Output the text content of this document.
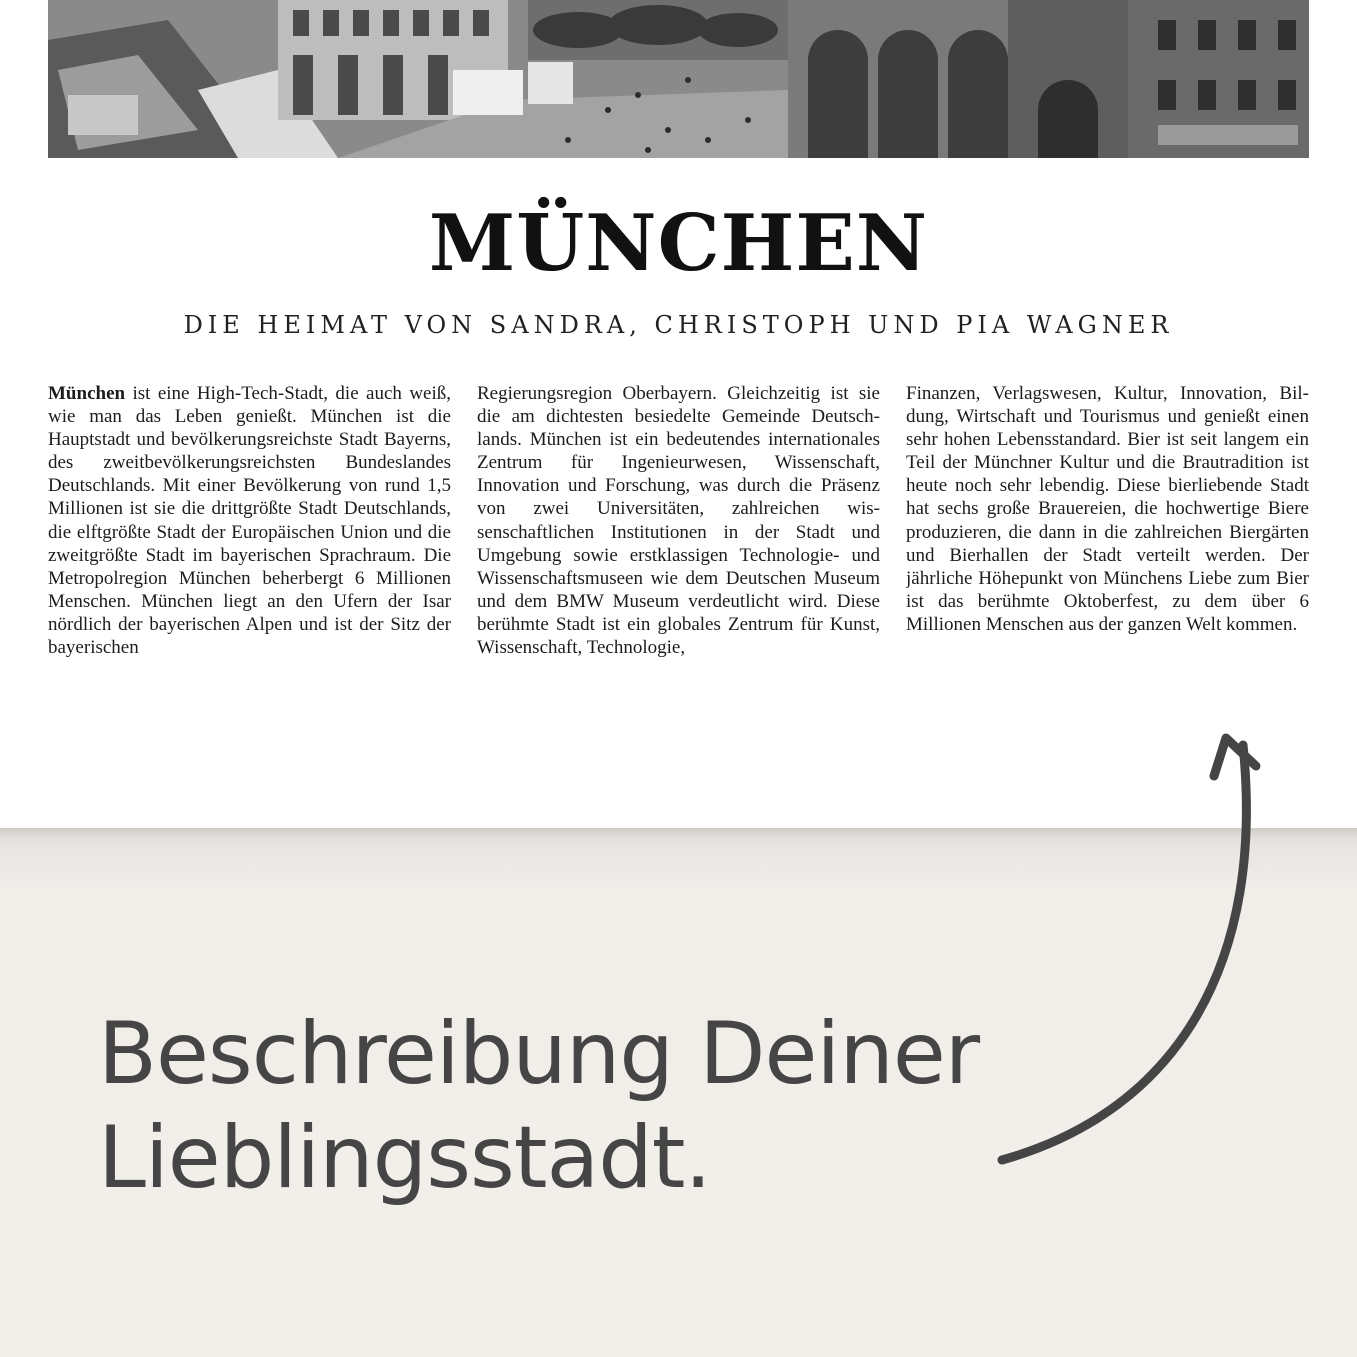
MÜNCHEN
DIE HEIMAT VON SANDRA, CHRISTOPH UND PIA WAGNER
München ist eine High-Tech-Stadt, die auch weiß, wie man das Leben genießt. München ist die Hauptstadt und bevölkerungsreichste Stadt Bayerns, des zweitbevölkerungsreichsten Bundeslandes Deutschlands. Mit einer Bevölkerung von rund 1,5 Millionen ist sie die drittgrößte Stadt Deutschlands, die elftgrößte Stadt der Europäischen Union und die zweitgrößte Stadt im bayerischen Sprachraum. Die Metropolregion München beherbergt 6 Millionen Menschen. München liegt an den Ufern der Isar nördlich der bayerischen Alpen und ist der Sitz der bayerischen
Regierungsregion Oberbayern. Gleichzeitig ist sie die am dichtesten besiedelte Gemeinde Deutschlands. München ist ein bedeutendes internationales Zentrum für Ingenieurwesen, Wissenschaft, Innovation und Forschung, was durch die Präsenz von zwei Universitäten, zahlreichen wissenschaftlichen Institutionen in der Stadt und Umgebung sowie erstklassigen Technologie- und Wissenschaftsmuseen wie dem Deutschen Museum und dem BMW Museum verdeutlicht wird. Diese berühmte Stadt ist ein globales Zentrum für Kunst, Wissenschaft, Technologie,
Finanzen, Verlagswesen, Kultur, Innovation, Bildung, Wirtschaft und Tourismus und genießt einen sehr hohen Lebensstandard. Bier ist seit langem ein Teil der Münchner Kultur und die Brautradition ist heute noch sehr lebendig. Diese bierliebende Stadt hat sechs große Brauereien, die hochwertige Biere produzieren, die dann in die zahlreichen Biergärten und Bierhallen der Stadt verteilt werden. Der jährliche Höhepunkt von Münchens Liebe zum Bier ist das berühmte Oktoberfest, zu dem über 6 Millionen Menschen aus der ganzen Welt kommen.
Beschreibung Deiner
Lieblingsstadt.
